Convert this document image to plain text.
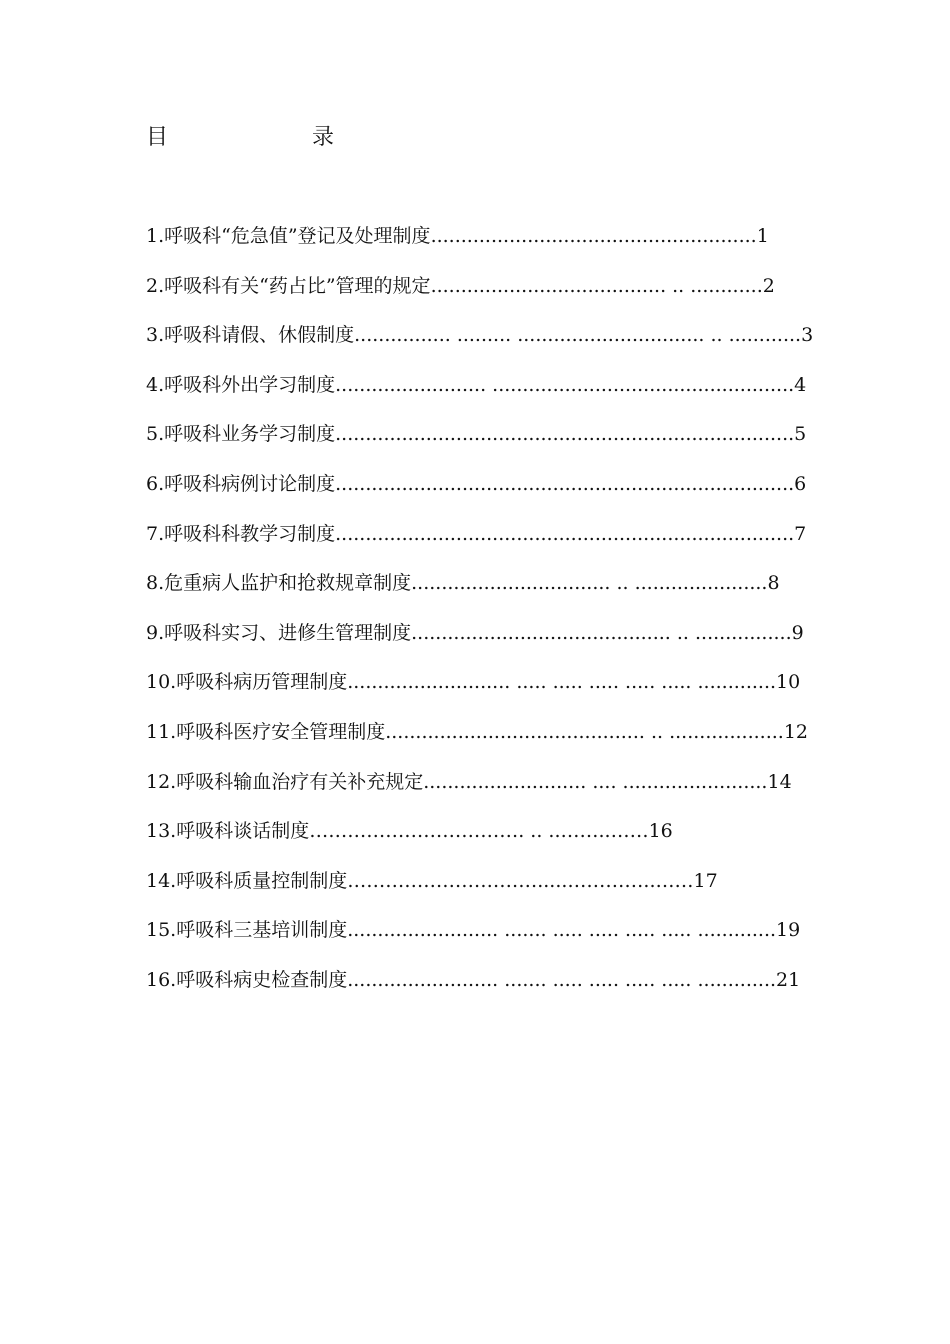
目	录
1.呼吸科“危急值”登记及处理制度......................................................1
2.呼吸科有关“药占比”管理的规定....................................... .. ............2
3.呼吸科请假、休假制度................ ......... ............................... .. ............3
4.呼吸科外出学习制度......................... ..................................................4
5.呼吸科业务学习制度............................................................................5
6.呼吸科病例讨论制度............................................................................6
7.呼吸科科教学习制度............................................................................7
8.危重病人监护和抢救规章制度................................. .. ......................8
9.呼吸科实习、进修生管理制度........................................... .. ................9
10.呼吸科病历管理制度........................... ..... ..... ..... ..... ..... .............10
11.呼吸科医疗安全管理制度........................................... .. ...................12
12.呼吸科输血治疗有关补充规定........................... .... ........................14
13.呼吸科谈话制度……………………………. .. ..……..……16
14.呼吸科质量控制制度………………………….....…………..……17
15.呼吸科三基培训制度......................... ....... ..... ..... ..... ..... .............19
16.呼吸科病史检查制度......................... ....... ..... ..... ..... ..... .............21
